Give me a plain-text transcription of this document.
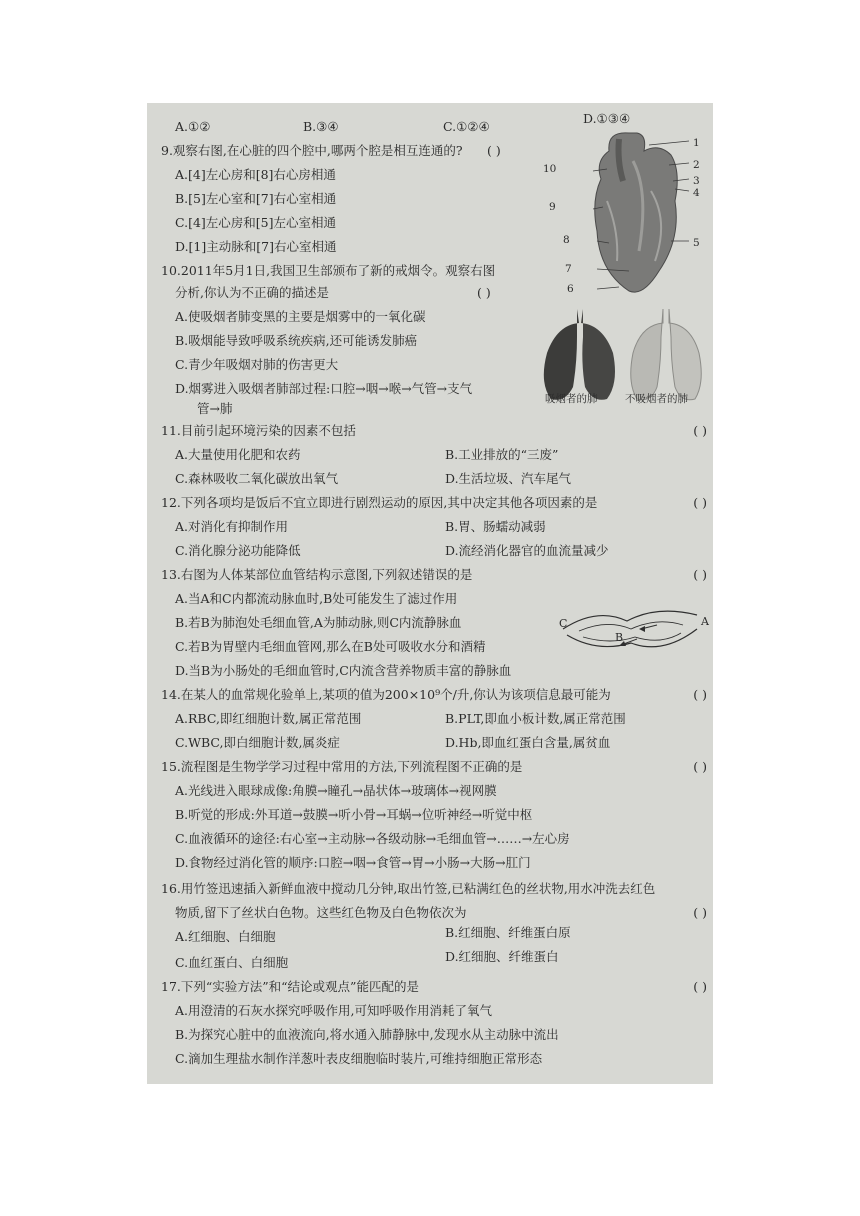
A.①②	B.③④	C.①②④
D.①③④
9.观察右图,在心脏的四个腔中,哪两个腔是相互连通的? ( )
A.[4]左心房和[8]右心房相通
B.[5]左心室和[7]右心室相通
C.[4]左心房和[5]左心室相通
D.[1]主动脉和[7]右心室相通
1
2
3
4
5
6
7
8
9
10
10.2011年5月1日,我国卫生部颁布了新的戒烟令。观察右图
分析,你认为不正确的描述是	( )
A.使吸烟者肺变黑的主要是烟雾中的一氧化碳
B.吸烟能导致呼吸系统疾病,还可能诱发肺癌
C.青少年吸烟对肺的伤害更大
D.烟雾进入吸烟者肺部过程:口腔→咽→喉→气管→支气
管→肺
吸烟者的肺	不吸烟者的肺
11.目前引起环境污染的因素不包括	( )
A.大量使用化肥和农药	B.工业排放的“三废”
C.森林吸收二氧化碳放出氧气	D.生活垃圾、汽车尾气
12.下列各项均是饭后不宜立即进行剧烈运动的原因,其中决定其他各项因素的是	( )
A.对消化有抑制作用	B.胃、肠蠕动减弱
C.消化腺分泌功能降低	D.流经消化器官的血流量减少
13.右图为人体某部位血管结构示意图,下列叙述错误的是	( )
A.当A和C内都流动脉血时,B处可能发生了滤过作用
B.若B为肺泡处毛细血管,A为肺动脉,则C内流静脉血
C.若B为胃壁内毛细血管网,那么在B处可吸收水分和酒精
D.当B为小肠处的毛细血管时,C内流含营养物质丰富的静脉血
A
B
C
14.在某人的血常规化验单上,某项的值为200×10⁹个/升,你认为该项信息最可能为	( )
A.RBC,即红细胞计数,属正常范围	B.PLT,即血小板计数,属正常范围
C.WBC,即白细胞计数,属炎症	D.Hb,即血红蛋白含量,属贫血
15.流程图是生物学学习过程中常用的方法,下列流程图不正确的是	( )
A.光线进入眼球成像:角膜→瞳孔→晶状体→玻璃体→视网膜
B.听觉的形成:外耳道→鼓膜→听小骨→耳蜗→位听神经→听觉中枢
C.血液循环的途径:右心室→主动脉→各级动脉→毛细血管→……→左心房
D.食物经过消化管的顺序:口腔→咽→食管→胃→小肠→大肠→肛门
16.用竹签迅速插入新鲜血液中搅动几分钟,取出竹签,已粘满红色的丝状物,用水冲洗去红色
物质,留下了丝状白色物。这些红色物及白色物依次为	( )
A.红细胞、白细胞	B.红细胞、纤维蛋白原
C.血红蛋白、白细胞	D.红细胞、纤维蛋白
17.下列“实验方法”和“结论或观点”能匹配的是	( )
A.用澄清的石灰水探究呼吸作用,可知呼吸作用消耗了氧气
B.为探究心脏中的血液流向,将水通入肺静脉中,发现水从主动脉中流出
C.滴加生理盐水制作洋葱叶表皮细胞临时装片,可维持细胞正常形态
